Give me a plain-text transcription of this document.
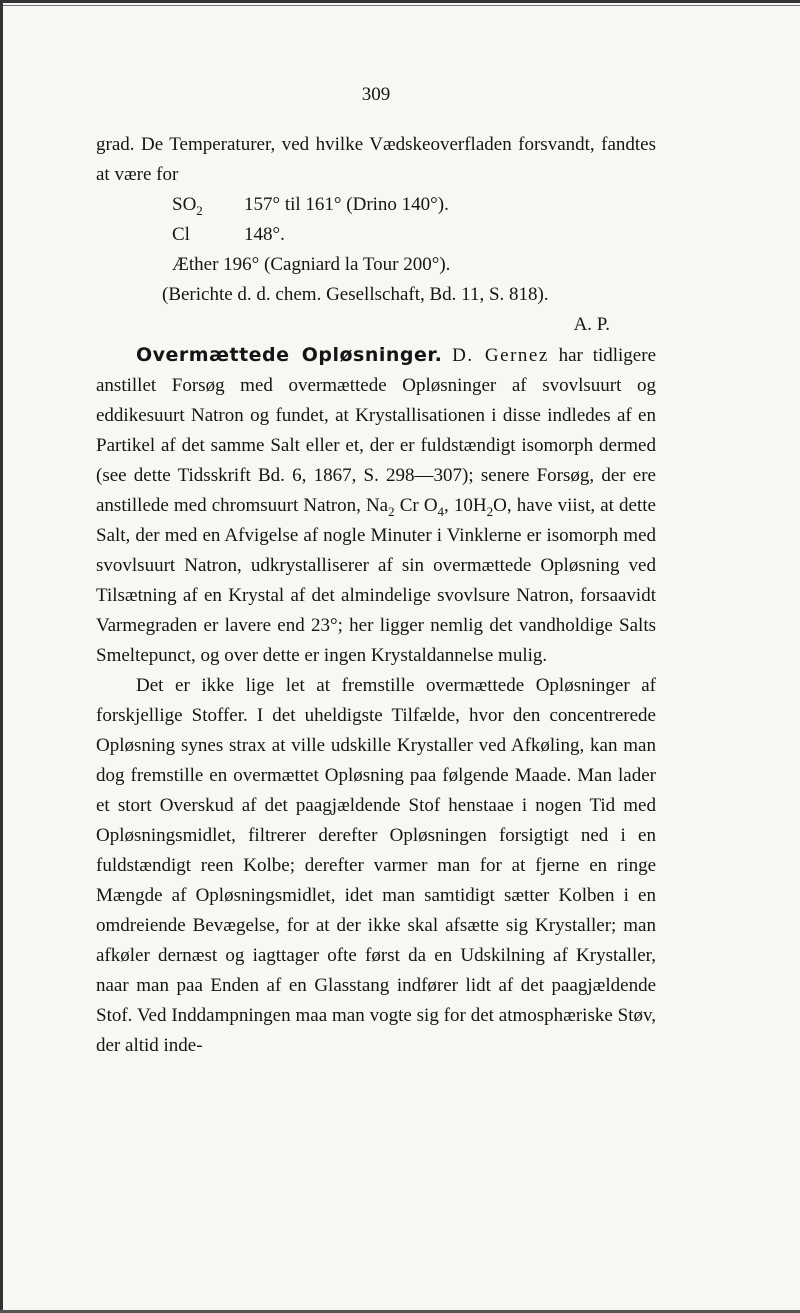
309

grad. De Temperaturer, ved hvilke Vædskeoverfladen forsvandt, fandtes at være for

$SO_2$ 157° til 161° (Drino 140°).
Cl	148°.
Æther 196° (Cagniard la Tour 200°).
(Berichte d. d. chem. Gesellschaft, Bd. 11, S. 818).
A. P.

Overmættede Opløsninger. D. Gernez har tidligere anstillet Forsøg med overmættede Opløsninger af svovlsuurt og eddikesuurt Natron og fundet, at Krystallisationen i disse indledes af en Partikel af det samme Salt eller et, der er fuldstændigt isomorph dermed (see dette Tidsskrift Bd. 6, 1867, S. 298—307); senere Forsøg, der ere anstillede med chromsuurt Natron, $Na_2$ Cr $O_4$, $10H_2O$, have viist, at dette Salt, der med en Afvigelse af nogle Minuter i Vinklerne er isomorph med svovlsuurt Natron, udkrystalliserer af sin overmættede Opløsning ved Tilsætning af en Krystal af det almindelige svovlsure Natron, forsaavidt Varmegraden er lavere end 23°; her ligger nemlig det vandholdige Salts Smeltepunct, og over dette er ingen Krystaldannelse mulig.

Det er ikke lige let at fremstille overmættede Opløsninger af forskjellige Stoffer. I det uheldigste Tilfælde, hvor den concentrerede Opløsning synes strax at ville udskille Krystaller ved Afkøling, kan man dog fremstille en overmættet Opløsning paa følgende Maade. Man lader et stort Overskud af det paagjældende Stof henstaae i nogen Tid med Opløsningsmidlet, filtrerer derefter Opløsningen forsigtigt ned i en fuldstændigt reen Kolbe; derefter varmer man for at fjerne en ringe Mængde af Opløsningsmidlet, idet man samtidigt sætter Kolben i en omdreiende Bevægelse, for at der ikke skal afsætte sig Krystaller; man afkøler dernæst og iagttager ofte først da en Udskilning af Krystaller, naar man paa Enden af en Glasstang indfører lidt af det paagjældende Stof. Ved Inddampningen maa man vogte sig for det atmosphæriske Støv, der altid inde-
